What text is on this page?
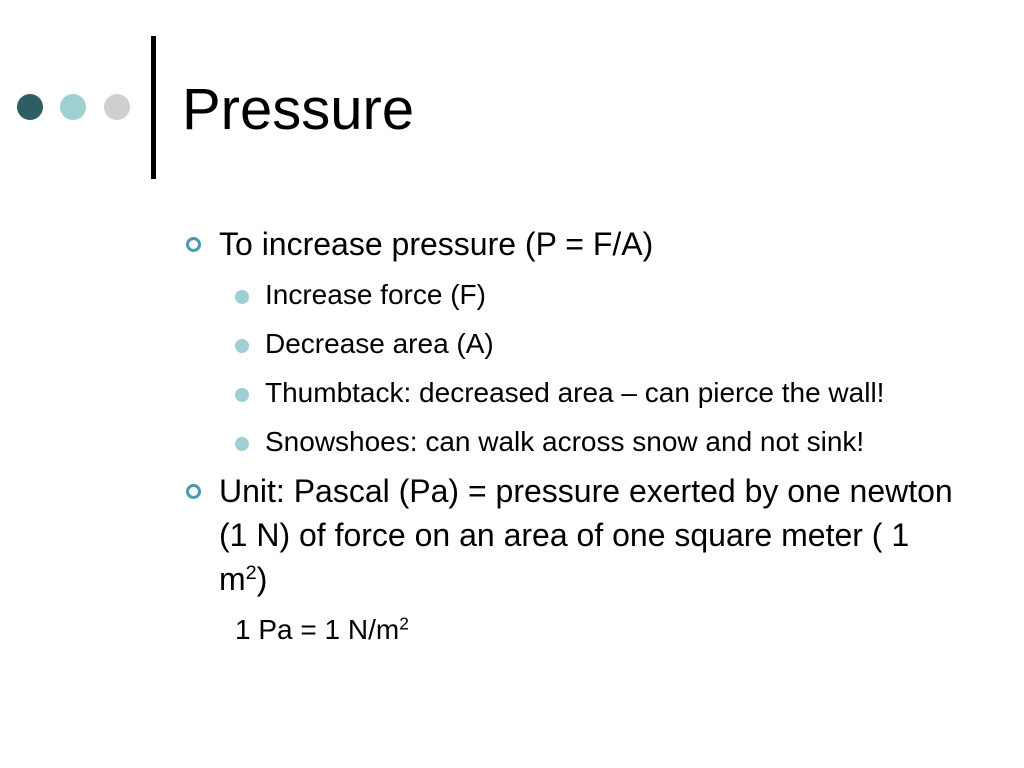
Pressure

To increase pressure (P = F/A)

Increase force (F)

Decrease area (A)

Thumbtack: decreased area – can pierce the wall!

Snowshoes: can walk across snow and not sink!

Unit: Pascal (Pa) = pressure exerted by one newton (1 N) of force on an area of one square meter ( 1 $m^2$)

1 Pa = 1 $N/m^2$
